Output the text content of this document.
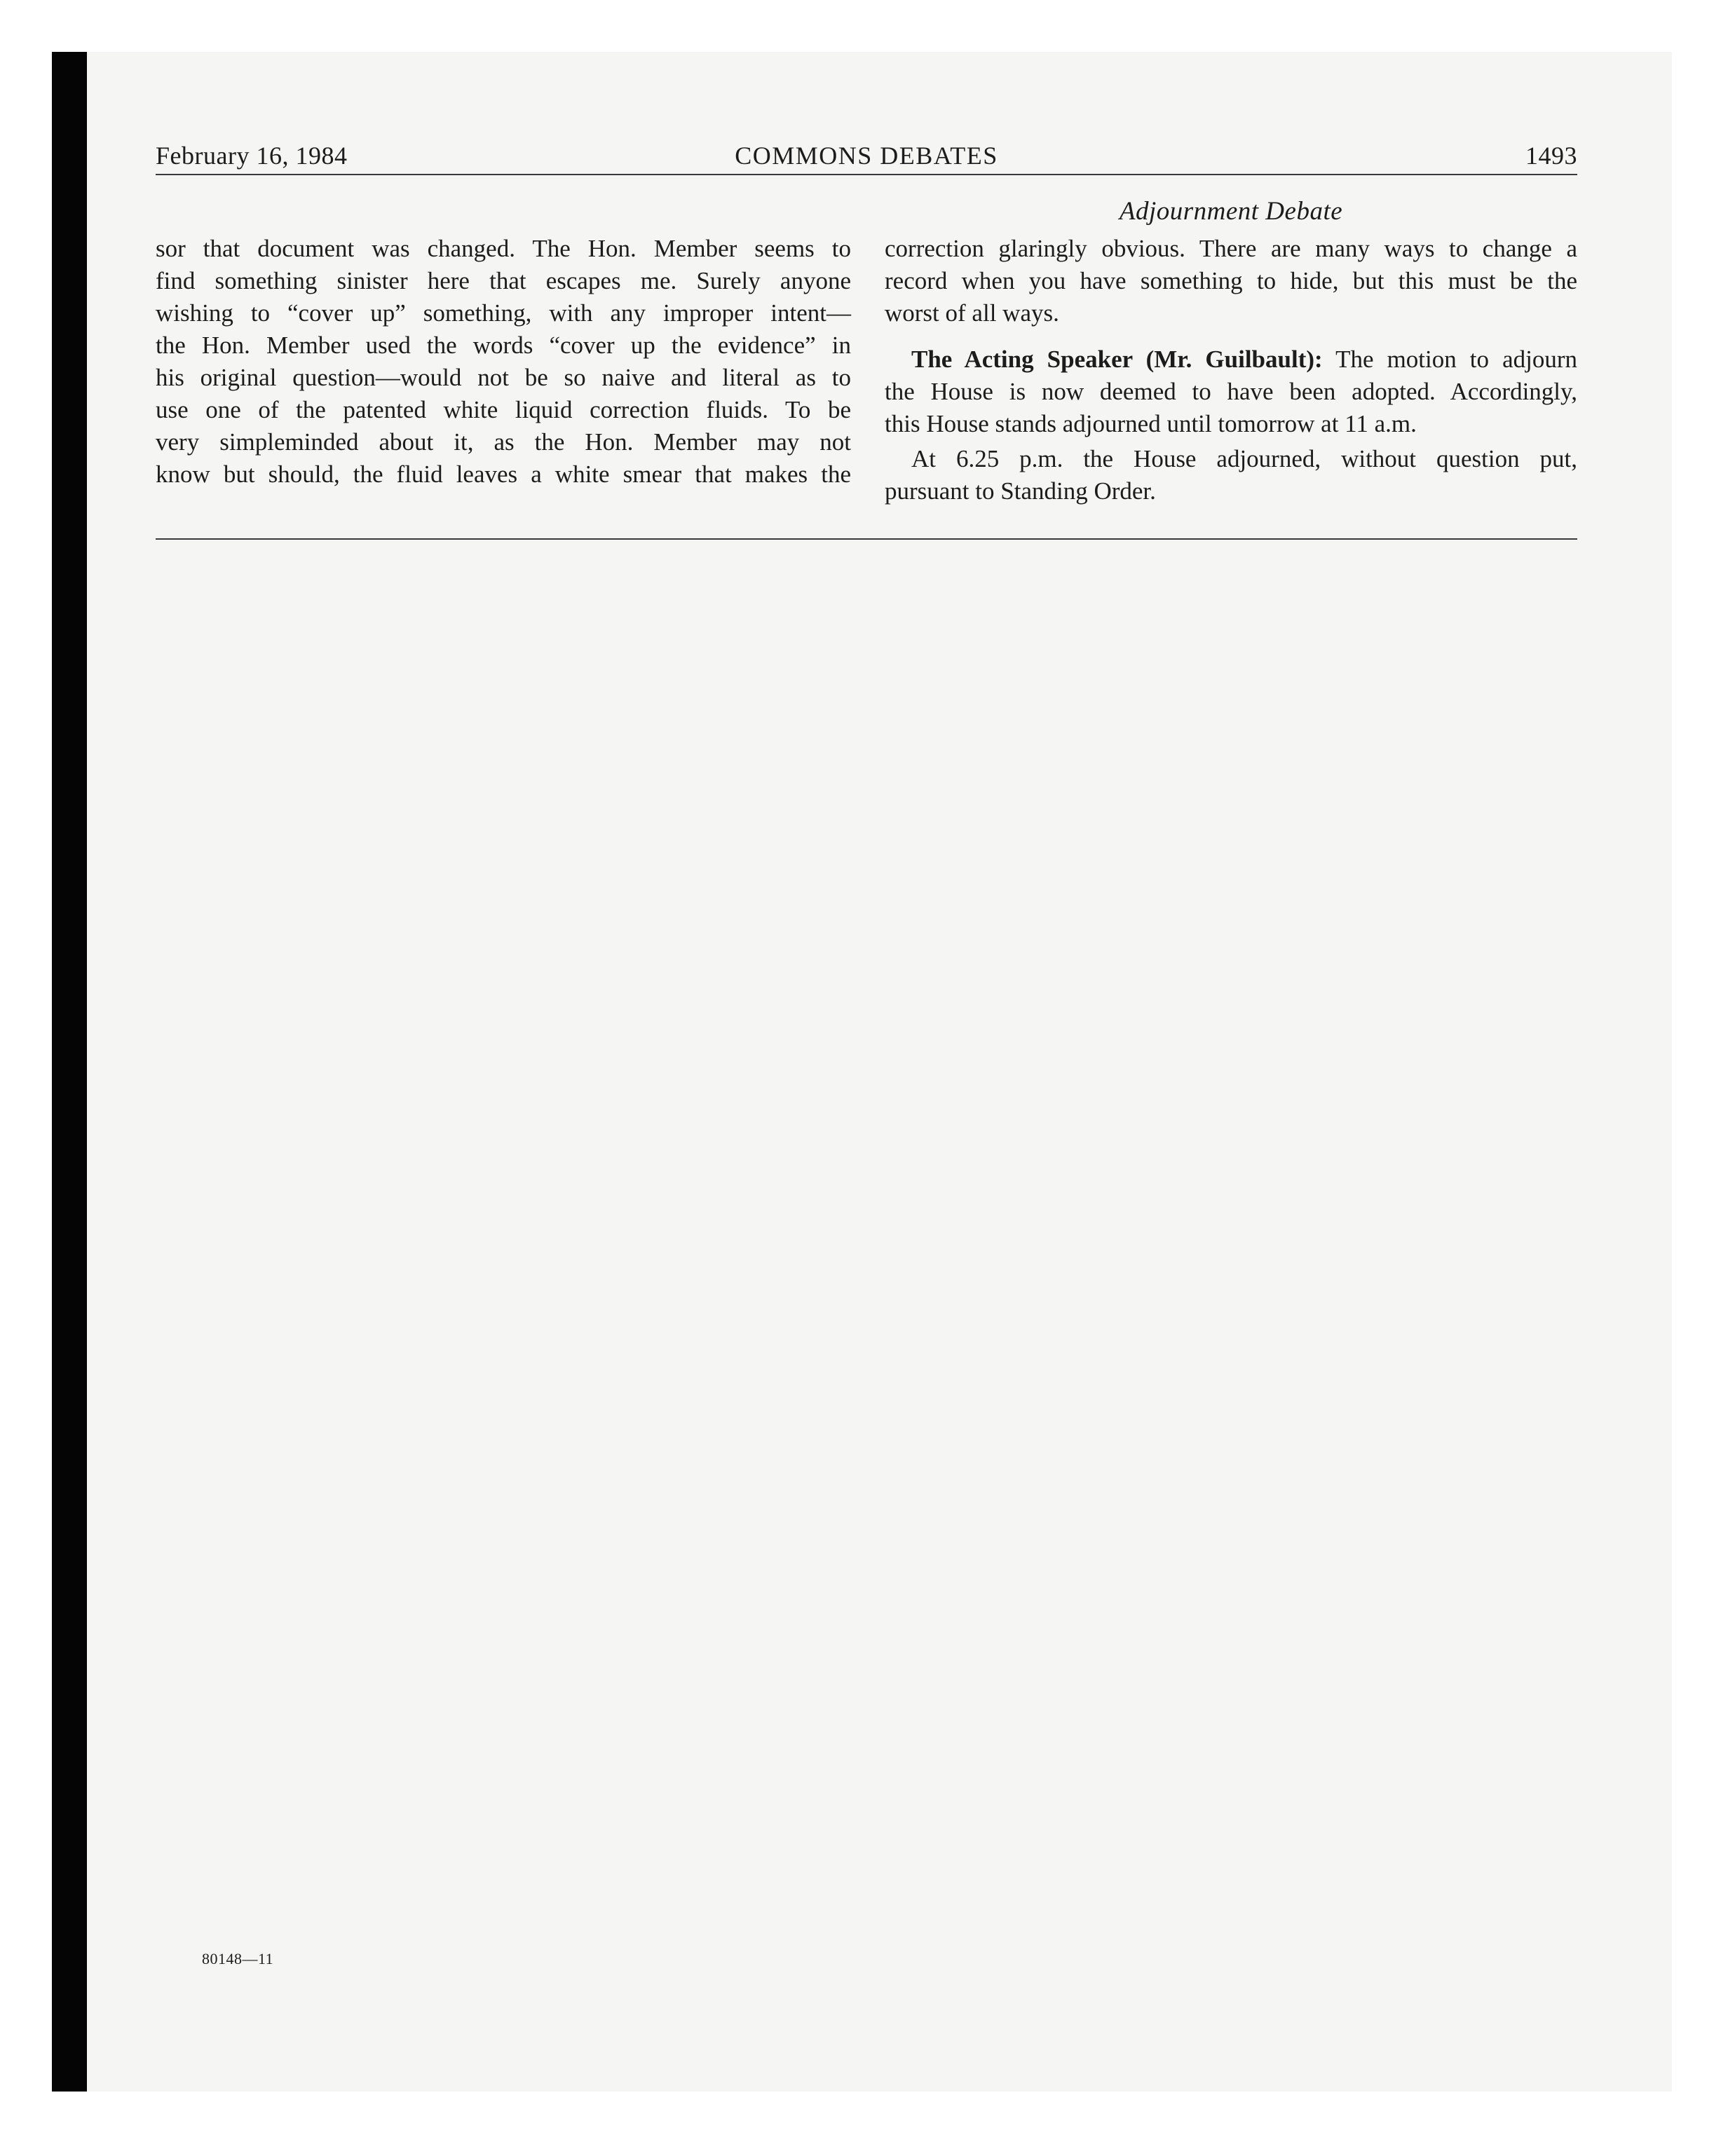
February 16, 1984	COMMONS DEBATES	1493
Adjournment Debate

sor that document was changed. The Hon. Member seems to
find something sinister here that escapes me. Surely anyone
wishing to “cover up” something, with any improper intent—
the Hon. Member used the words “cover up the evidence” in
his original question—would not be so naive and literal as to
use one of the patented white liquid correction fluids. To be
very simpleminded about it, as the Hon. Member may not
know but should, the fluid leaves a white smear that makes the

correction glaringly obvious. There are many ways to change a
record when you have something to hide, but this must be the
worst of all ways.

The Acting Speaker (Mr. Guilbault): The motion to adjourn
the House is now deemed to have been adopted. Accordingly,
this House stands adjourned until tomorrow at 11 a.m.

At 6.25 p.m. the House adjourned, without question put,
pursuant to Standing Order.

80148—11
